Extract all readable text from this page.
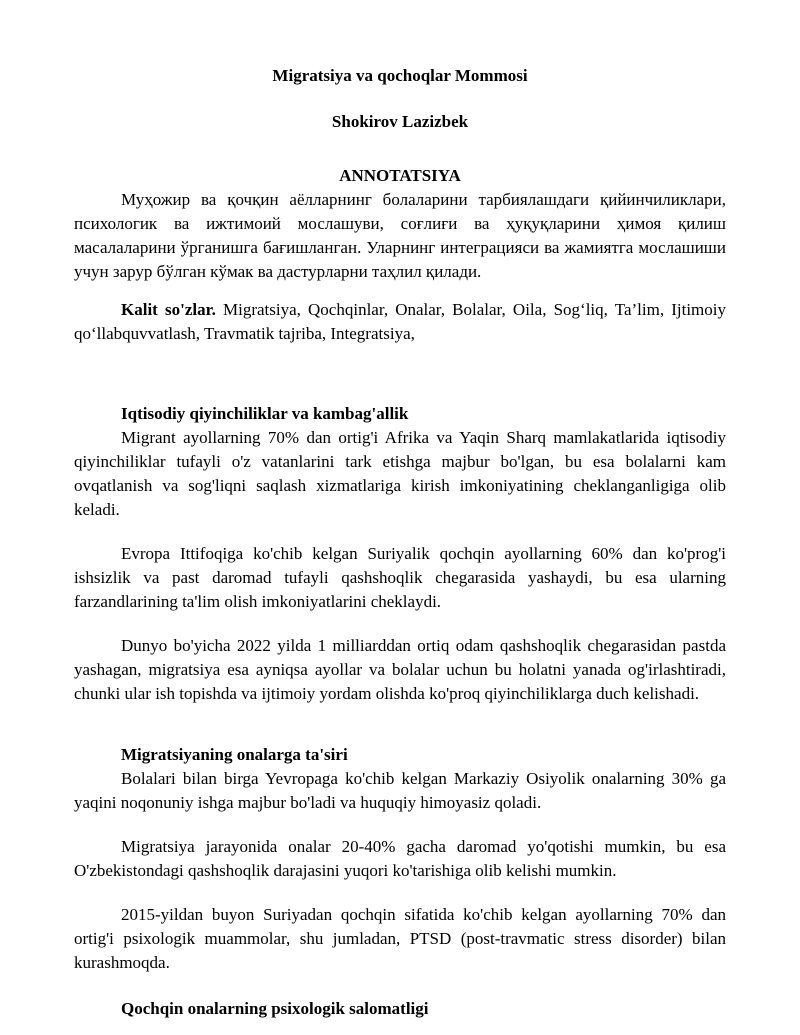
Migratsiya va qochoqlar Mommosi

Shokirov Lazizbek

ANNOTATSIYA

Муҳожир ва қочқин аёлларнинг болаларини тарбиялашдаги қийинчиликлари, психологик ва ижтимоий мослашуви, соғлиғи ва ҳуқуқларини ҳимоя қилиш масалаларини ўрганишга бағишланган. Уларнинг интеграцияси ва жамиятга мослашиши учун зарур бўлган кўмак ва дастурларни таҳлил қилади.

Kalit so'zlar. Migratsiya, Qochqinlar, Onalar, Bolalar, Oila, Sog‘liq, Ta’lim, Ijtimoiy qo‘llabquvvatlash, Travmatik tajriba, Integratsiya,

Iqtisodiy qiyinchiliklar va kambag'allik

Migrant ayollarning 70% dan ortig'i Afrika va Yaqin Sharq mamlakatlarida iqtisodiy qiyinchiliklar tufayli o'z vatanlarini tark etishga majbur bo'lgan, bu esa bolalarni kam ovqatlanish va sog'liqni saqlash xizmatlariga kirish imkoniyatining cheklanganligiga olib keladi.

Evropa Ittifoqiga ko'chib kelgan Suriyalik qochqin ayollarning 60% dan ko'prog'i ishsizlik va past daromad tufayli qashshoqlik chegarasida yashaydi, bu esa ularning farzandlarining ta'lim olish imkoniyatlarini cheklaydi.

Dunyo bo'yicha 2022 yilda 1 milliarddan ortiq odam qashshoqlik chegarasidan pastda yashagan, migratsiya esa ayniqsa ayollar va bolalar uchun bu holatni yanada og'irlashtiradi, chunki ular ish topishda va ijtimoiy yordam olishda ko'proq qiyinchiliklarga duch kelishadi.

Migratsiyaning onalarga ta'siri

Bolalari bilan birga Yevropaga ko'chib kelgan Markaziy Osiyolik onalarning 30% ga yaqini noqonuniy ishga majbur bo'ladi va huquqiy himoyasiz qoladi.

Migratsiya jarayonida onalar 20-40% gacha daromad yo'qotishi mumkin, bu esa O'zbekistondagi qashshoqlik darajasini yuqori ko'tarishiga olib kelishi mumkin.

2015-yildan buyon Suriyadan qochqin sifatida ko'chib kelgan ayollarning 70% dan ortig'i psixologik muammolar, shu jumladan, PTSD (post-travmatic stress disorder) bilan kurashmoqda.

Qochqin onalarning psixologik salomatligi
